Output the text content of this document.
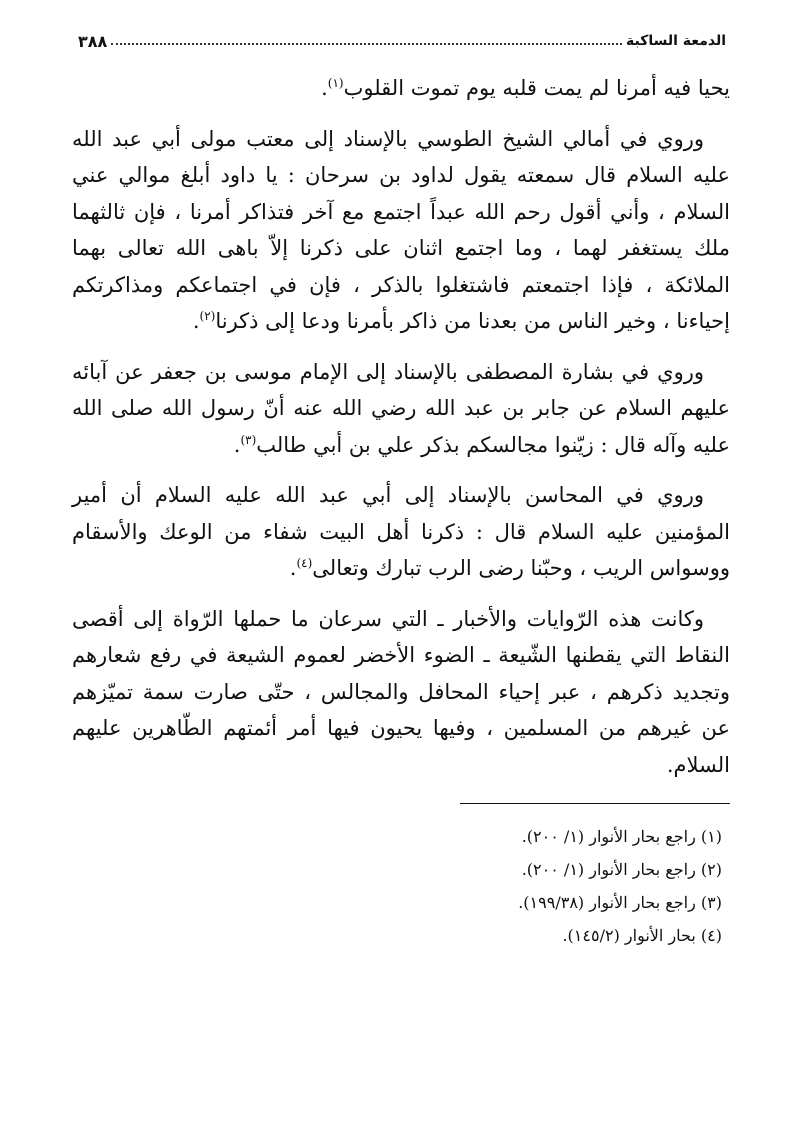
الدمعة الساكبة
٣٨٨

يحيا فيه أمرنا لم يمت قلبه يوم تموت القلوب$^{(١)}$.

وروي في أمالي الشيخ الطوسي بالإسناد إلى معتب مولى أبي عبد الله عليه السلام قال سمعته يقول لداود بن سرحان : يا داود أبلغ موالي عني السلام ، وأني أقول رحم الله عبداً اجتمع مع آخر فتذاكر أمرنا ، فإن ثالثهما ملك يستغفر لهما ، وما اجتمع اثنان على ذكرنا إلاّ باهى الله تعالى بهما الملائكة ، فإذا اجتمعتم فاشتغلوا بالذكر ، فإن في اجتماعكم ومذاكرتكم إحياءنا ، وخير الناس من بعدنا من ذاكر بأمرنا ودعا إلى ذكرنا$^{(٢)}$.

وروي في بشارة المصطفى بالإسناد إلى الإمام موسى بن جعفر عن آبائه عليهم السلام عن جابر بن عبد الله رضي الله عنه أنّ رسول الله صلى الله عليه وآله قال : زيّنوا مجالسكم بذكر علي بن أبي طالب$^{(٣)}$.

وروي في المحاسن بالإسناد إلى أبي عبد الله عليه السلام أن أمير المؤمنين عليه السلام قال : ذكرنا أهل البيت شفاء من الوعك والأسقام ووسواس الريب ، وحبّنا رضى الرب تبارك وتعالى$^{(٤)}$.

وكانت هذه الرّوايات والأخبار ـ التي سرعان ما حملها الرّواة إلى أقصى النقاط التي يقطنها الشّيعة ـ الضوء الأخضر لعموم الشيعة في رفع شعارهم وتجديد ذكرهم ، عبر إحياء المحافل والمجالس ، حتّى صارت سمة تميّزهم عن غيرهم من المسلمين ، وفيها يحيون فيها أمر أئمتهم الطّاهرين عليهم السلام.

(١) راجع بحار الأنوار (١/ ٢٠٠).
(٢) راجع بحار الأنوار (١/ ٢٠٠).
(٣) راجع بحار الأنوار (١٩٩/٣٨).
(٤) بحار الأنوار (١٤٥/٢).
